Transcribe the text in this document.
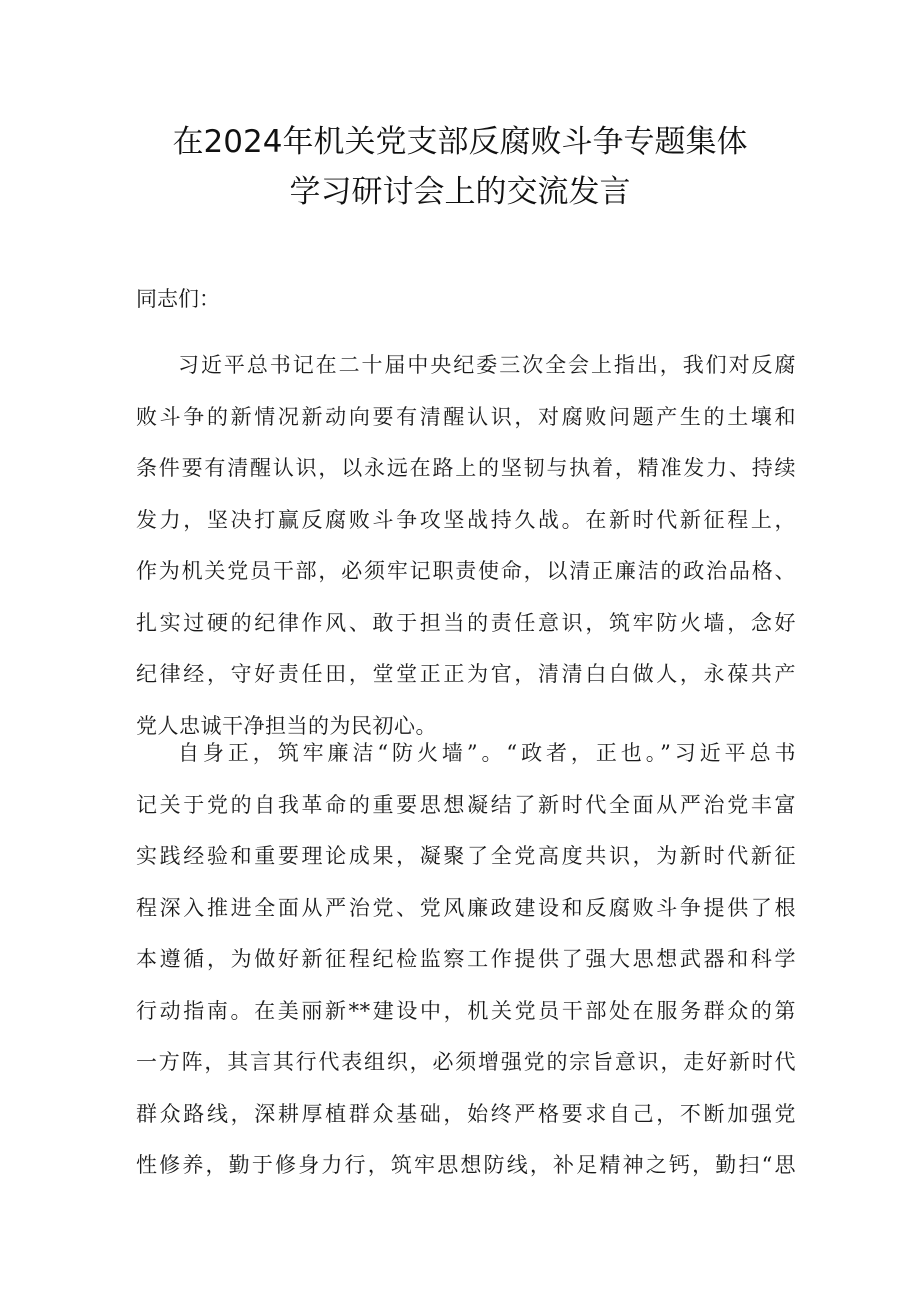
在2024年机关党支部反腐败斗争专题集体
学习研讨会上的交流发言

同志们：

习近平总书记在二十届中央纪委三次全会上指出，我们对反腐
败斗争的新情况新动向要有清醒认识，对腐败问题产生的土壤和
条件要有清醒认识，以永远在路上的坚韧与执着，精准发力、持续
发力，坚决打赢反腐败斗争攻坚战持久战。在新时代新征程上，
作为机关党员干部，必须牢记职责使命，以清正廉洁的政治品格、
扎实过硬的纪律作风、敢于担当的责任意识，筑牢防火墙，念好
纪律经，守好责任田，堂堂正正为官，清清白白做人，永葆共产
党人忠诚干净担当的为民初心。
自身正，筑牢廉洁“防火墙”。“政者，正也。”习近平总书
记关于党的自我革命的重要思想凝结了新时代全面从严治党丰富
实践经验和重要理论成果，凝聚了全党高度共识，为新时代新征
程深入推进全面从严治党、党风廉政建设和反腐败斗争提供了根
本遵循，为做好新征程纪检监察工作提供了强大思想武器和科学
行动指南。在美丽新**建设中，机关党员干部处在服务群众的第
一方阵，其言其行代表组织，必须增强党的宗旨意识，走好新时代
群众路线，深耕厚植群众基础，始终严格要求自己，不断加强党
性修养，勤于修身力行，筑牢思想防线，补足精神之钙，勤扫“思
